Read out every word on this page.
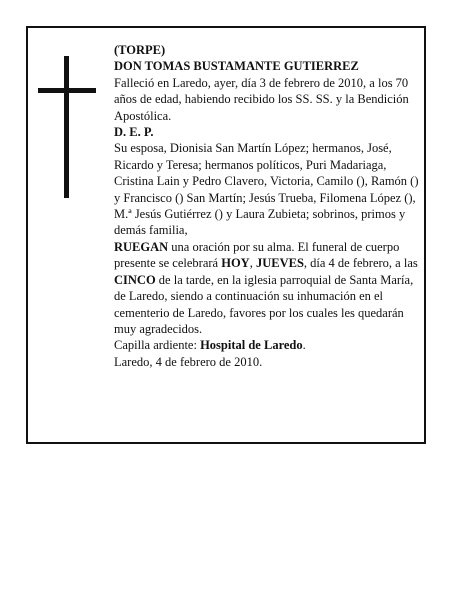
(TORPE)

DON TOMAS BUSTAMANTE GUTIERREZ

Falleció en Laredo, ayer, día 3 de febrero de 2010, a los 70 años de edad, habiendo recibido los SS. SS. y la Bendición Apostólica.

D. E. P.

Su esposa, Dionisia San Martín López; hermanos, José, Ricardo y Teresa; hermanos políticos, Puri Madariaga, Cristina Lain y Pedro Clavero, Victoria, Camilo (), Ramón () y Francisco () San Martín; Jesús Trueba, Filomena López (), M.ª Jesús Gutiérrez () y Laura Zubieta; sobrinos, primos y demás familia,

RUEGAN una oración por su alma. El funeral de cuerpo presente se celebrará HOY, JUEVES, día 4 de febrero, a las CINCO de la tarde, en la iglesia parroquial de Santa María, de Laredo, siendo a continuación su inhumación en el cementerio de Laredo, favores por los cuales les quedarán muy agradecidos.

Capilla ardiente: Hospital de Laredo.

Laredo, 4 de febrero de 2010.
